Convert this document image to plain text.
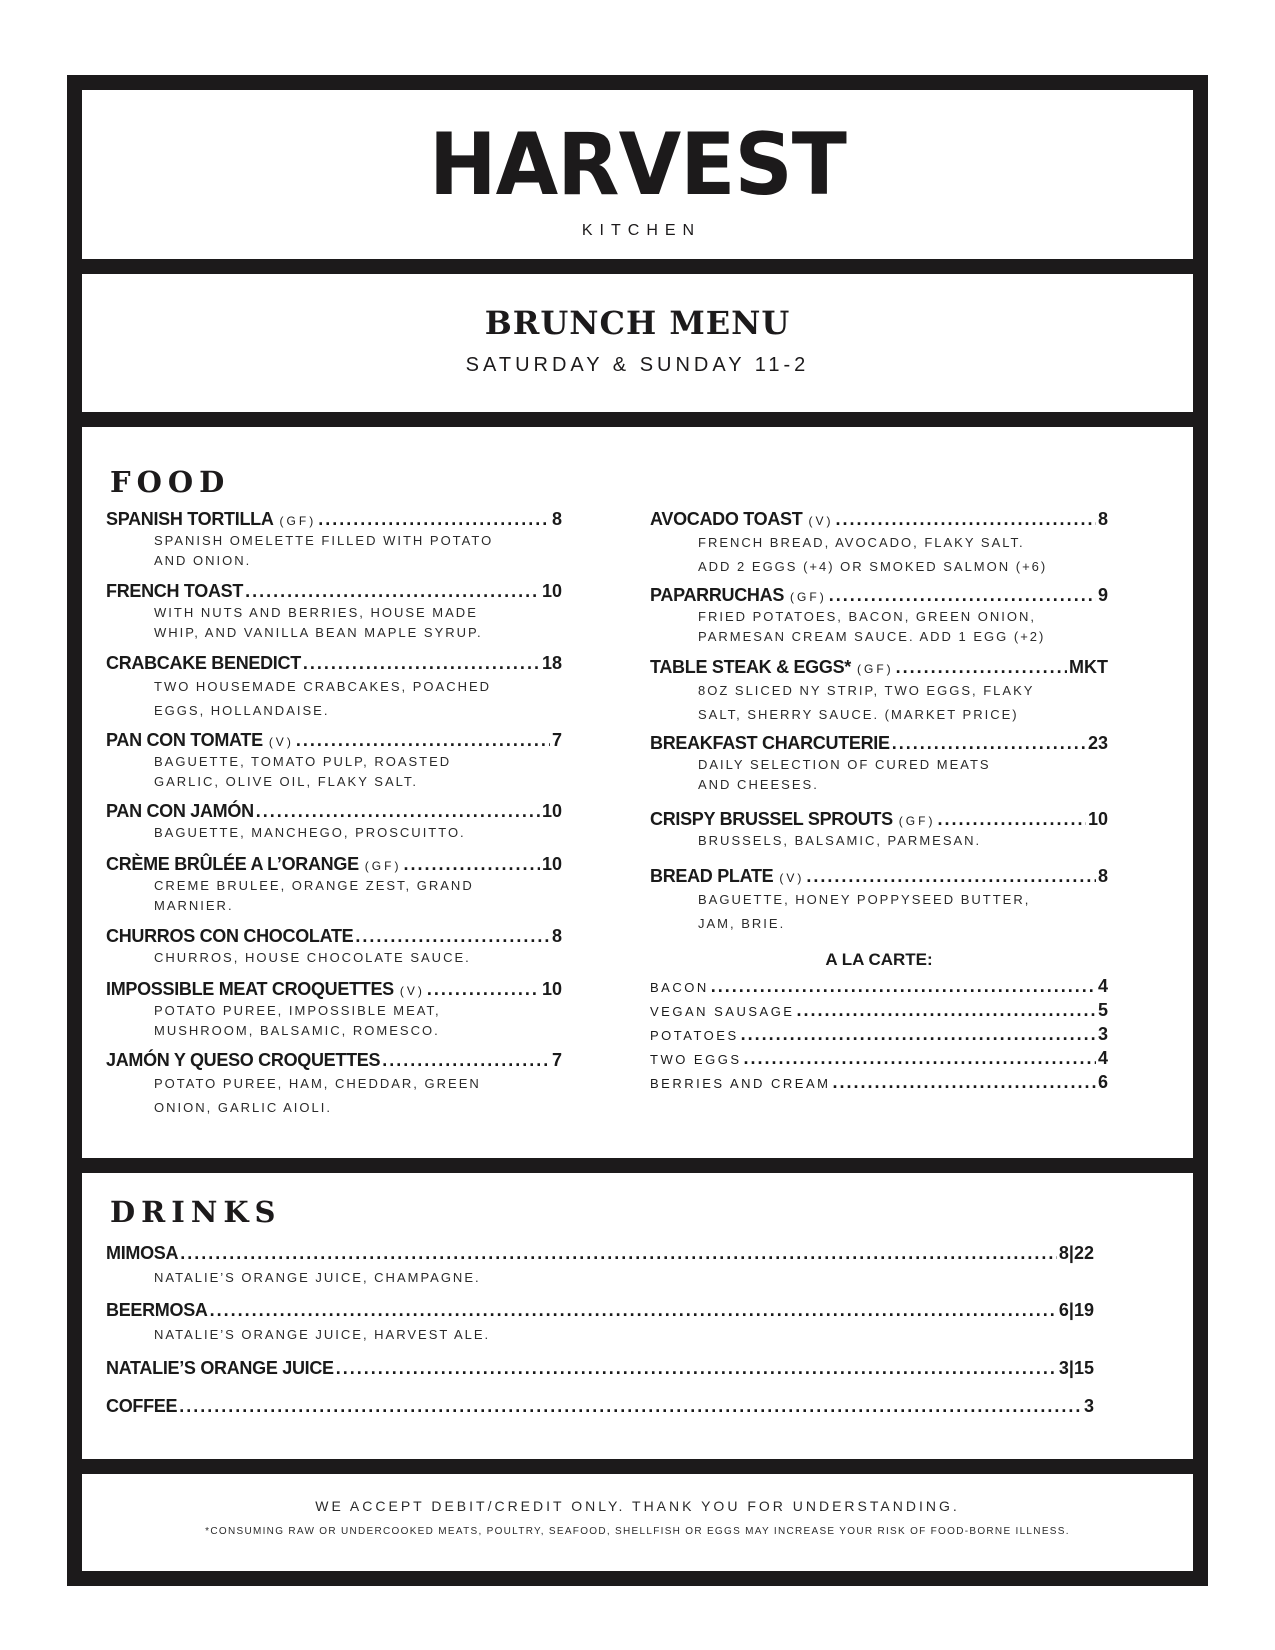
HARVEST
KITCHEN
BRUNCH MENU
SATURDAY & SUNDAY 11-2
FOOD
SPANISH TORTILLA (GF) .....	8
SPANISH OMELETTE FILLED WITH POTATO
AND ONION.
FRENCH TOAST .....	10
WITH NUTS AND BERRIES, HOUSE MADE
WHIP, AND VANILLA BEAN MAPLE SYRUP.
CRABCAKE BENEDICT .....	18
TWO HOUSEMADE CRABCAKES, POACHED
EGGS, HOLLANDAISE.
PAN CON TOMATE (V) .....	7
BAGUETTE, TOMATO PULP, ROASTED
GARLIC, OLIVE OIL, FLAKY SALT.
PAN CON JAMÓN .....	10
BAGUETTE, MANCHEGO, PROSCUITTO.
CRÈME BRÛLÉE A L’ORANGE (GF) .....	10
CREME BRULEE, ORANGE ZEST, GRAND
MARNIER.
CHURROS CON CHOCOLATE .....	8
CHURROS, HOUSE CHOCOLATE SAUCE.
IMPOSSIBLE MEAT CROQUETTES (V) .....	10
POTATO PUREE, IMPOSSIBLE MEAT,
MUSHROOM, BALSAMIC, ROMESCO.
JAMÓN Y QUESO CROQUETTES .....	7
POTATO PUREE, HAM, CHEDDAR, GREEN
ONION, GARLIC AIOLI.
AVOCADO TOAST (V) .....	8
FRENCH BREAD, AVOCADO, FLAKY SALT.
ADD 2 EGGS (+4) OR SMOKED SALMON (+6)
PAPARRUCHAS (GF) .....	9
FRIED POTATOES, BACON, GREEN ONION,
PARMESAN CREAM SAUCE. ADD 1 EGG (+2)
TABLE STEAK & EGGS* (GF) .....	MKT
8OZ SLICED NY STRIP, TWO EGGS, FLAKY
SALT, SHERRY SAUCE. (MARKET PRICE)
BREAKFAST CHARCUTERIE .....	23
DAILY SELECTION OF CURED MEATS
AND CHEESES.
CRISPY BRUSSEL SPROUTS (GF) .....	10
BRUSSELS, BALSAMIC, PARMESAN.
BREAD PLATE (V) .....	8
BAGUETTE, HONEY POPPYSEED BUTTER,
JAM, BRIE.
A LA CARTE:
BACON .....	4
VEGAN SAUSAGE .....	5
POTATOES .....	3
TWO EGGS .....	4
BERRIES AND CREAM .....	6
DRINKS
MIMOSA .....	8|22
NATALIE’S ORANGE JUICE, CHAMPAGNE.
BEERMOSA .....	6|19
NATALIE’S ORANGE JUICE, HARVEST ALE.
NATALIE’S ORANGE JUICE .....	3|15
COFFEE .....	3
WE ACCEPT DEBIT/CREDIT ONLY. THANK YOU FOR UNDERSTANDING.
*CONSUMING RAW OR UNDERCOOKED MEATS, POULTRY, SEAFOOD, SHELLFISH OR EGGS MAY INCREASE YOUR RISK OF FOOD-BORNE ILLNESS.
